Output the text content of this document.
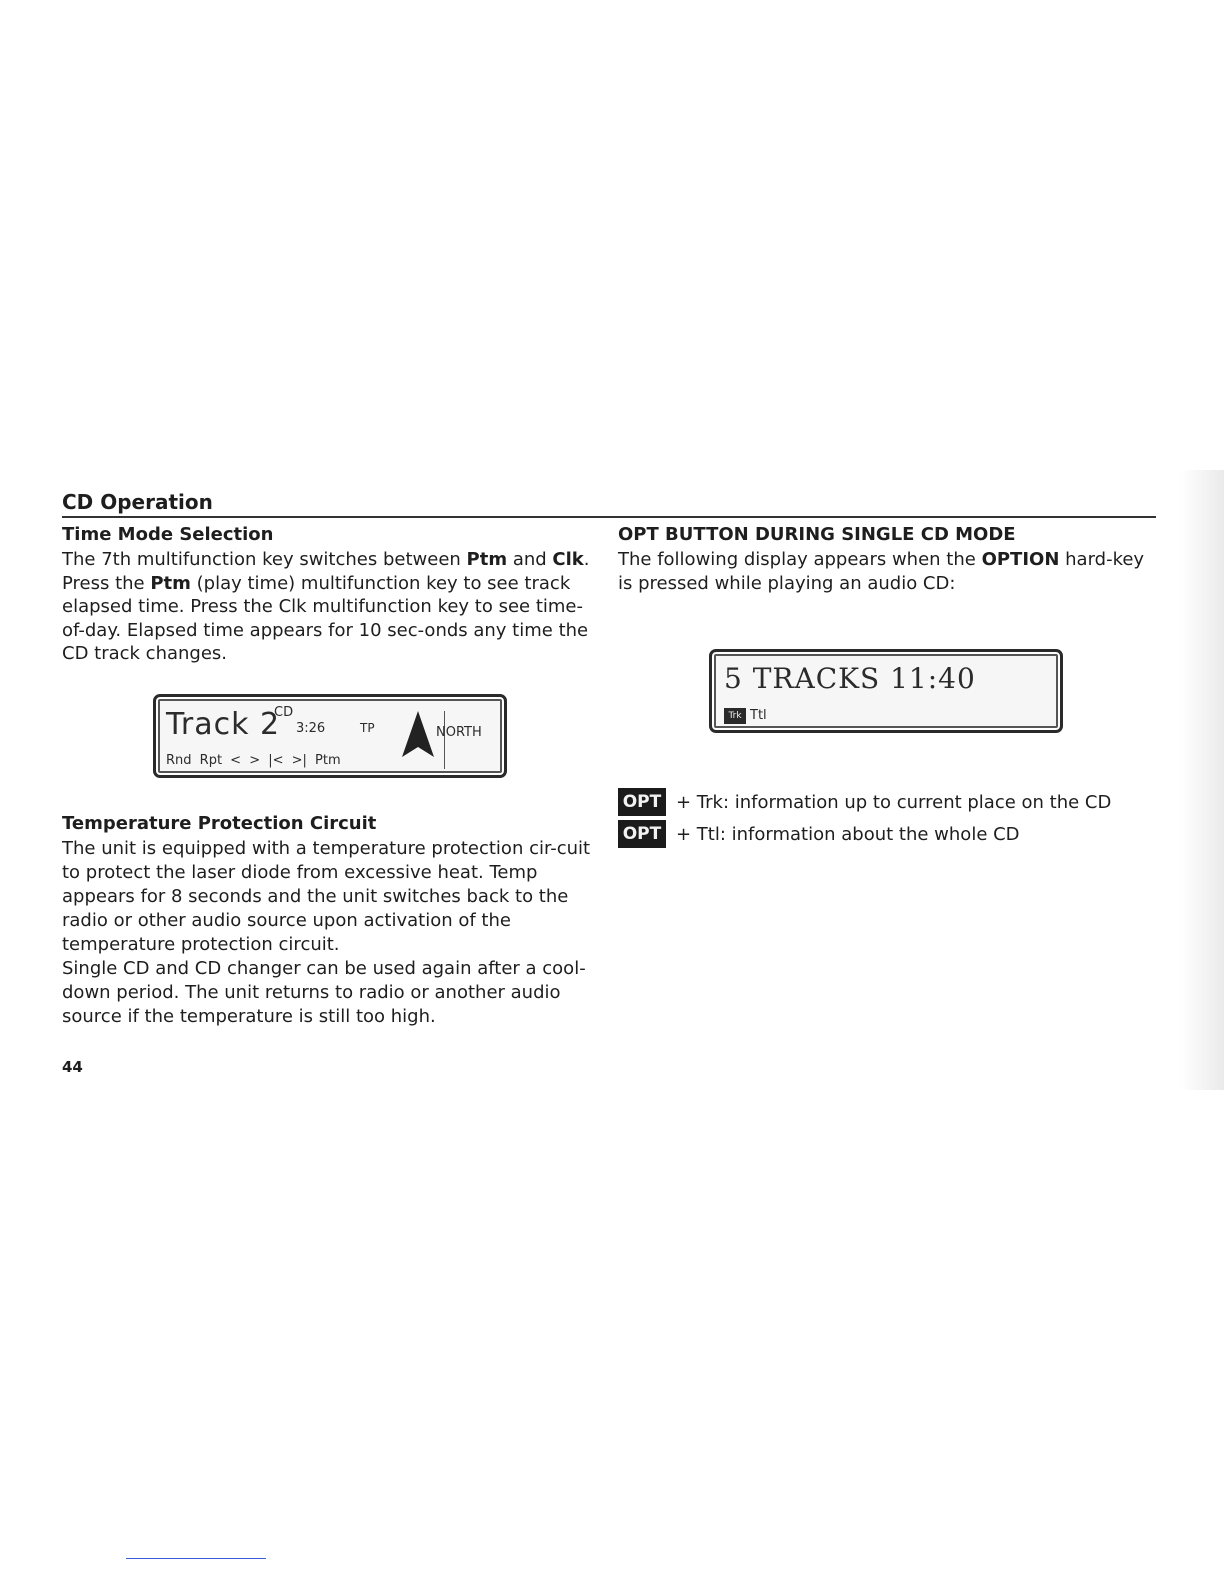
CD Operation
Time Mode Selection

The 7th multifunction key switches between Ptm and Clk. Press the Ptm (play time) multifunction key to see track elapsed time. Press the Clk multifunction key to see time-of-day. Elapsed time appears for 10 sec-onds any time the CD track changes.

Track 2
CD
3:26	TP	NORTH
Rnd Rpt < > |< >| Ptm
Temperature Protection Circuit

The unit is equipped with a temperature protection cir-cuit to protect the laser diode from excessive heat. Temp appears for 8 seconds and the unit switches back to the radio or other audio source upon activation of the temperature protection circuit.

Single CD and CD changer can be used again after a cool-down period. The unit returns to radio or another audio source if the temperature is still too high.

OPT BUTTON DURING SINGLE CD MODE

The following display appears when the OPTION hard-key is pressed while playing an audio CD:

5 TRACKS 11:40
Trk Ttl
OPT + Trk: information up to current place on the CD
OPT + Ttl: information about the whole CD
44
